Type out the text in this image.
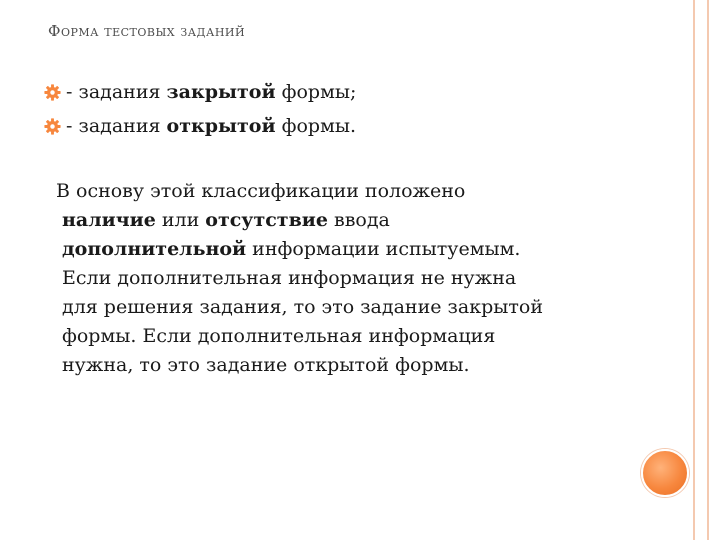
Форма тестовых заданий
- задания закрытой формы;
- задания открытой формы.
В основу этой классификации положено
наличие или отсутствие ввода
дополнительной информации испытуемым.
Если дополнительная информация не нужна
для решения задания, то это задание закрытой
формы. Если дополнительная информация
нужна, то это задание открытой формы.
